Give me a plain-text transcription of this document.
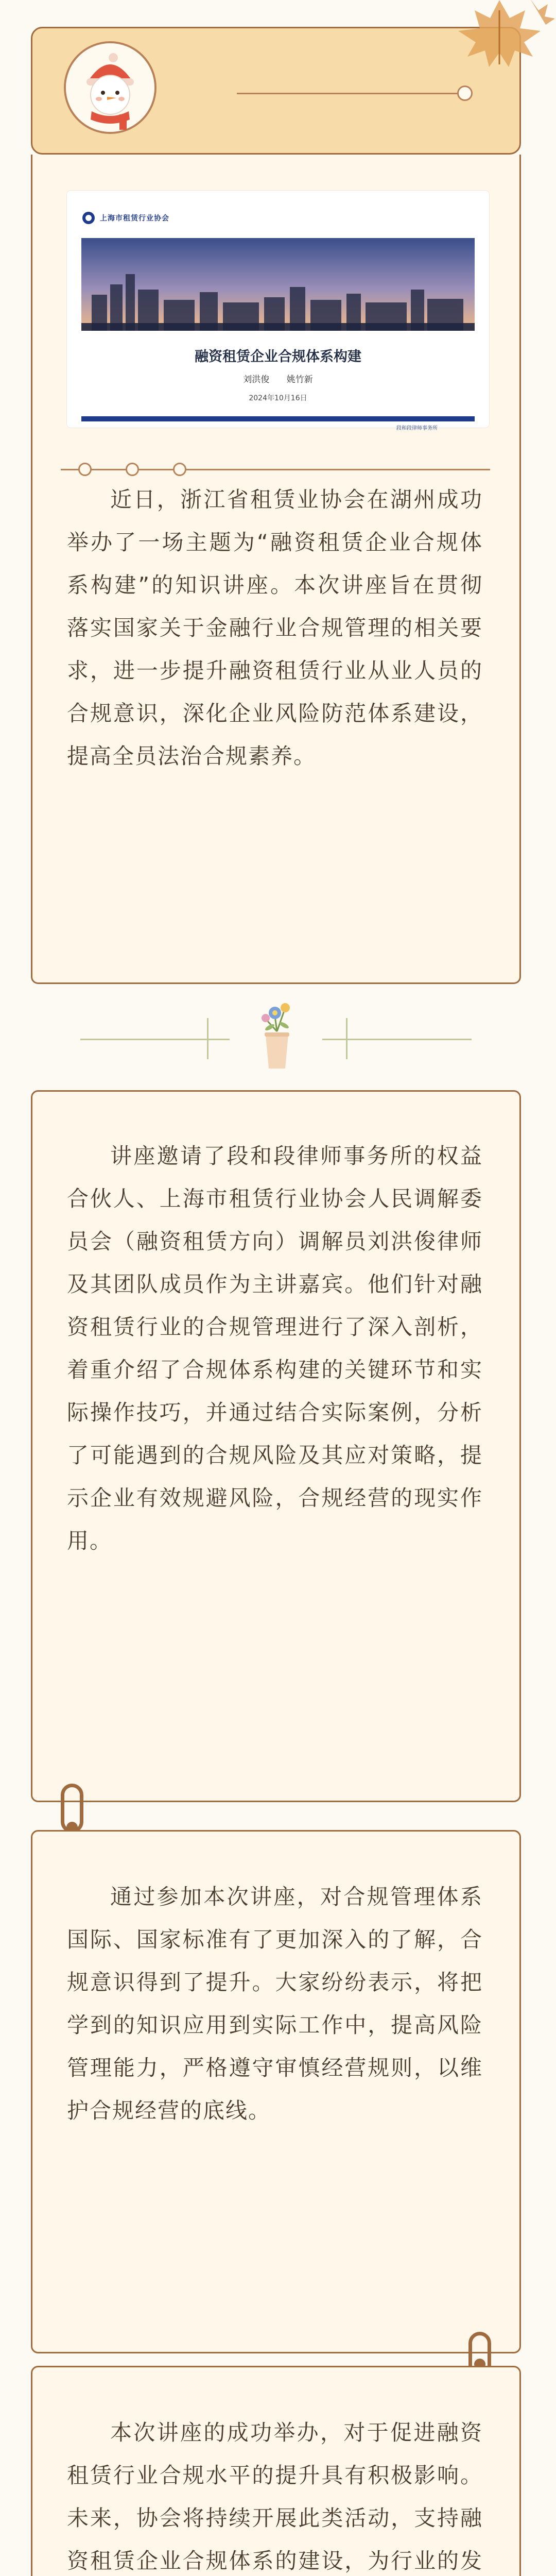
上海市租赁行业协会
融资租赁企业合规体系构建
刘洪俊 姚竹新
2024年10月16日
段和段律师事务所

近日，浙江省租赁业协会在湖州成功举办了一场主题为“融资租赁企业合规体系构建”的知识讲座。本次讲座旨在贯彻落实国家关于金融行业合规管理的相关要求，进一步提升融资租赁行业从业人员的合规意识，深化企业风险防范体系建设，提高全员法治合规素养。

讲座邀请了段和段律师事务所的权益合伙人、上海市租赁行业协会人民调解委员会（融资租赁方向）调解员刘洪俊律师及其团队成员作为主讲嘉宾。他们针对融资租赁行业的合规管理进行了深入剖析，着重介绍了合规体系构建的关键环节和实际操作技巧，并通过结合实际案例，分析了可能遇到的合规风险及其应对策略，提示企业有效规避风险，合规经营的现实作用。

通过参加本次讲座，对合规管理体系国际、国家标准有了更加深入的了解，合规意识得到了提升。大家纷纷表示，将把学到的知识应用到实际工作中，提高风险管理能力，严格遵守审慎经营规则，以维护合规经营的底线。

本次讲座的成功举办，对于促进融资租赁行业合规水平的提升具有积极影响。未来，协会将持续开展此类活动，支持融资租赁企业合规体系的建设，为行业的发
